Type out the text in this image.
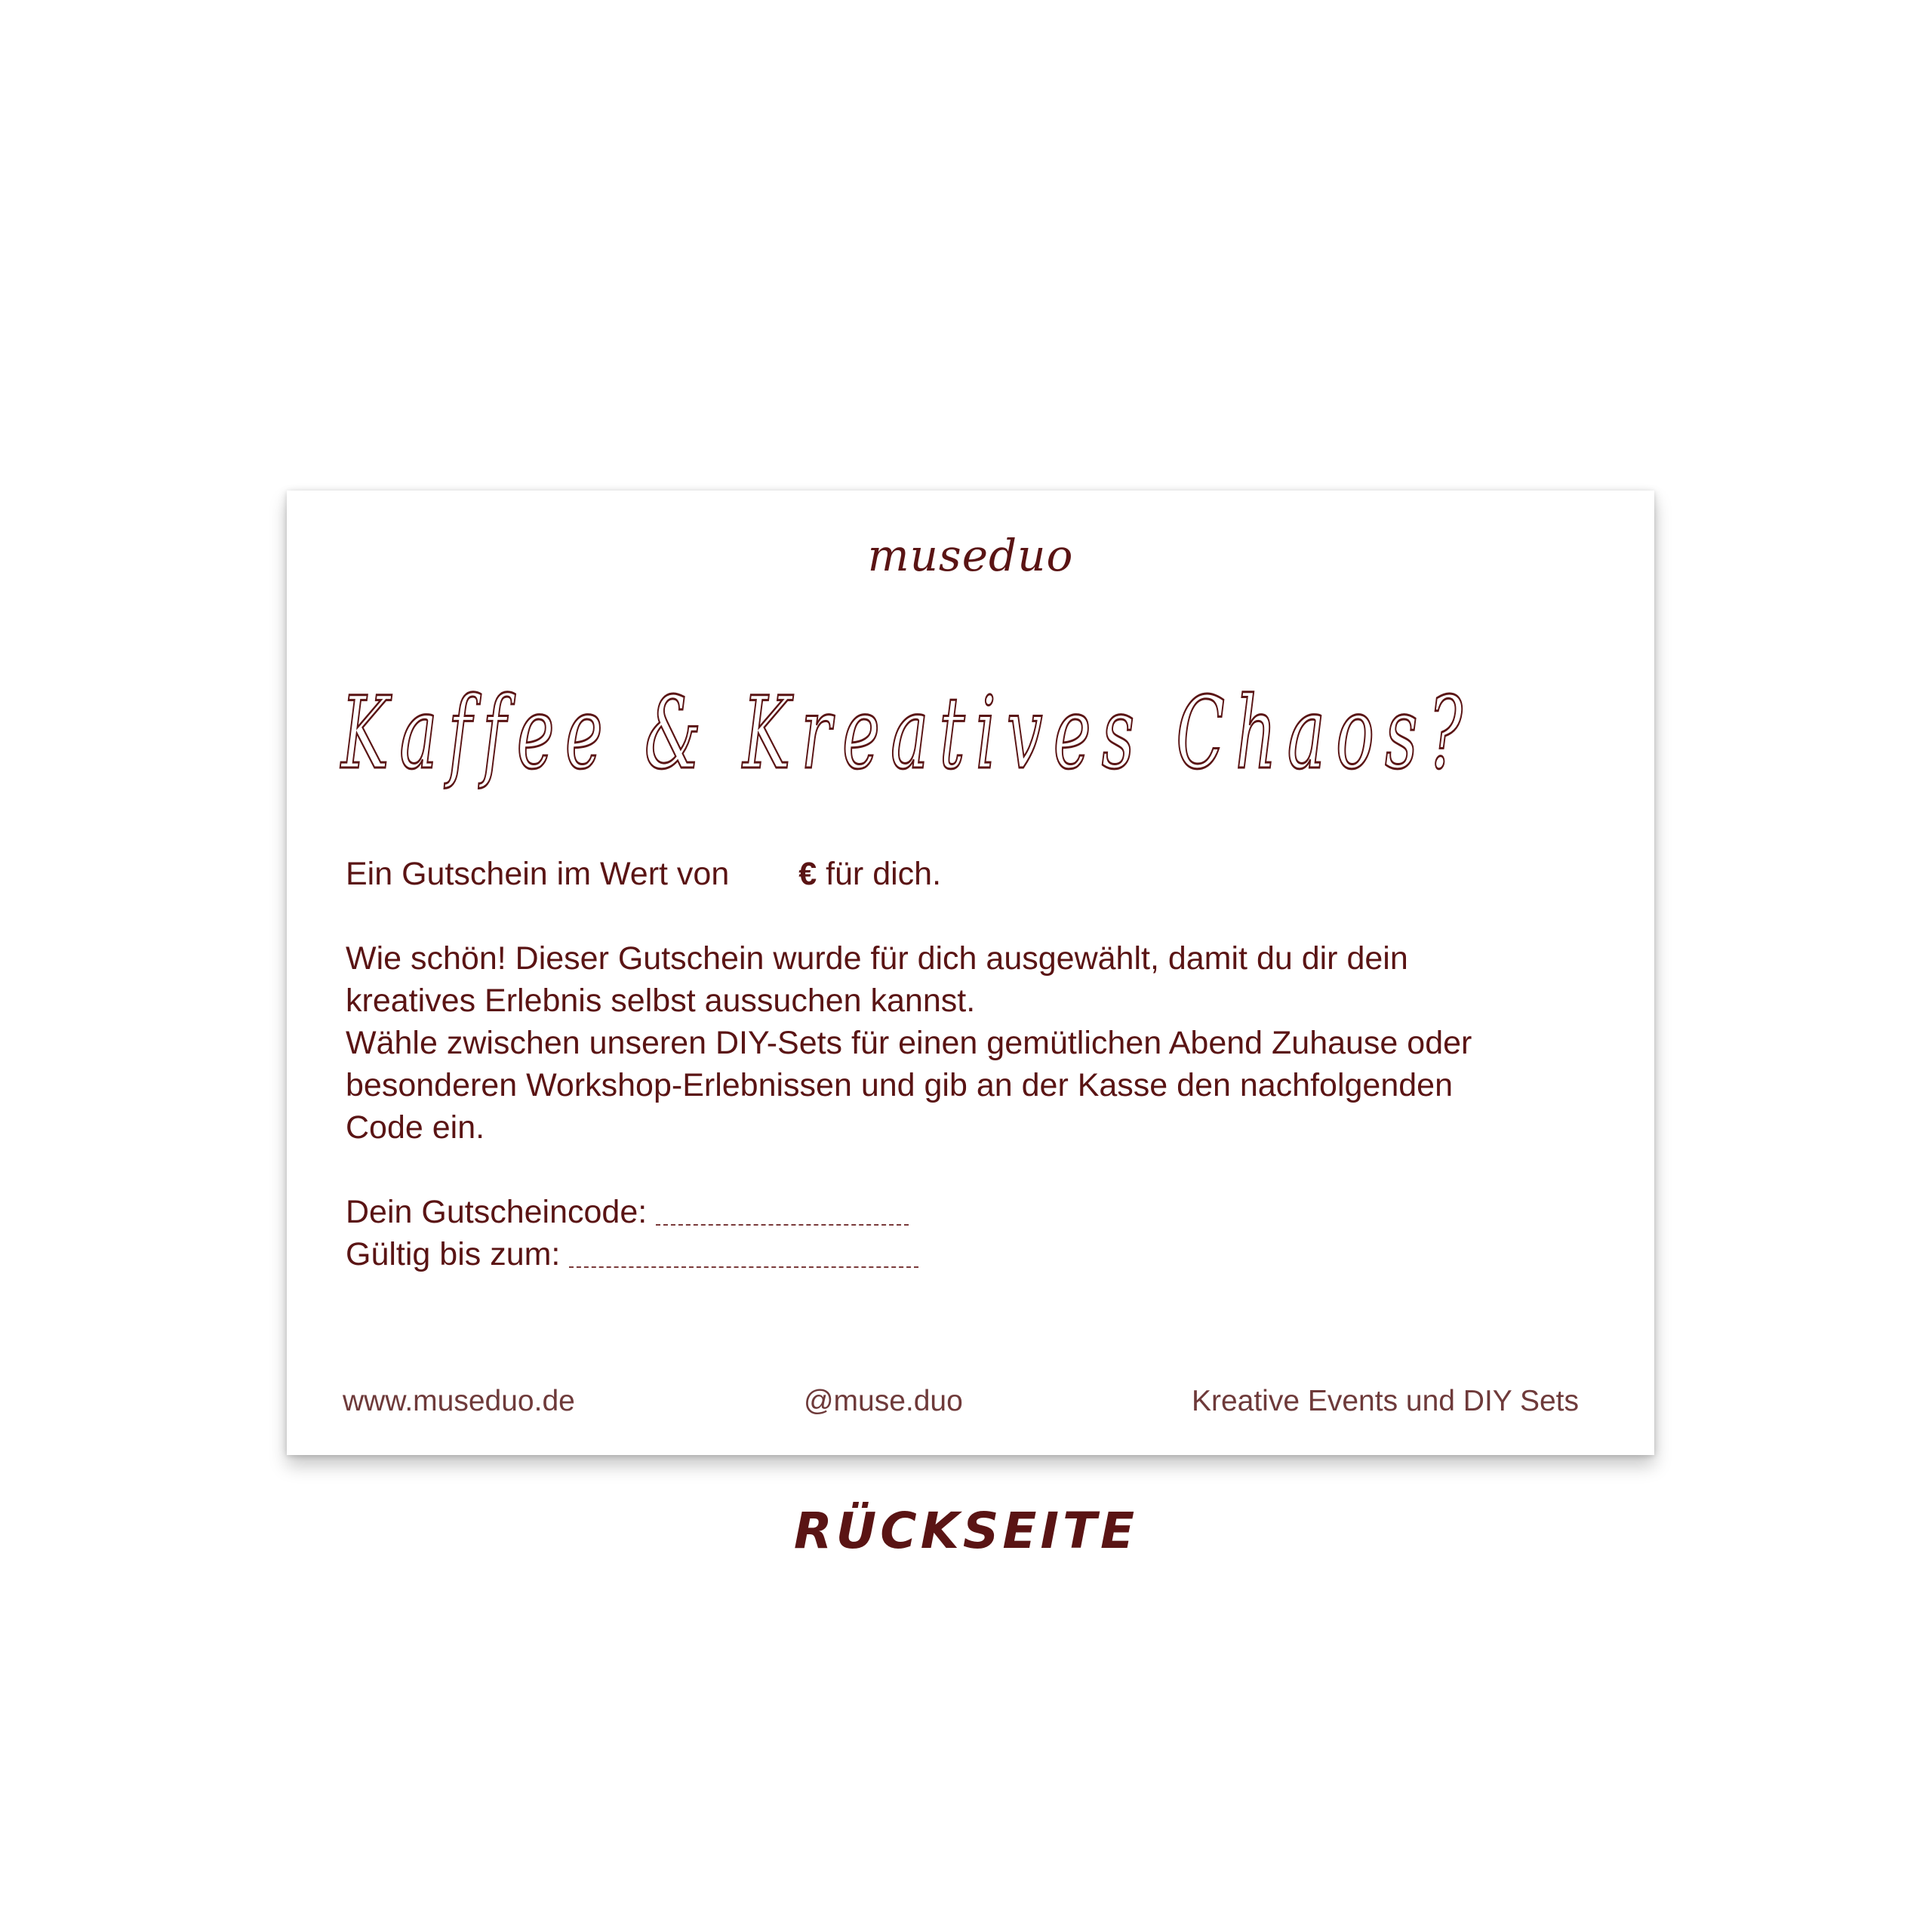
museduo
Kaffee & Kreatives Chaos?
Ein Gutschein im Wert von € für dich.
Wie schön! Dieser Gutschein wurde für dich ausgewählt, damit du dir dein
kreatives Erlebnis selbst aussuchen kannst.
Wähle zwischen unseren DIY-Sets für einen gemütlichen Abend Zuhause oder
besonderen Workshop-Erlebnissen und gib an der Kasse den nachfolgenden
Code ein.
Dein Gutscheincode:
Gültig bis zum:
www.museduo.de	@muse.duo	Kreative Events und DIY Sets
RÜCKSEITE
